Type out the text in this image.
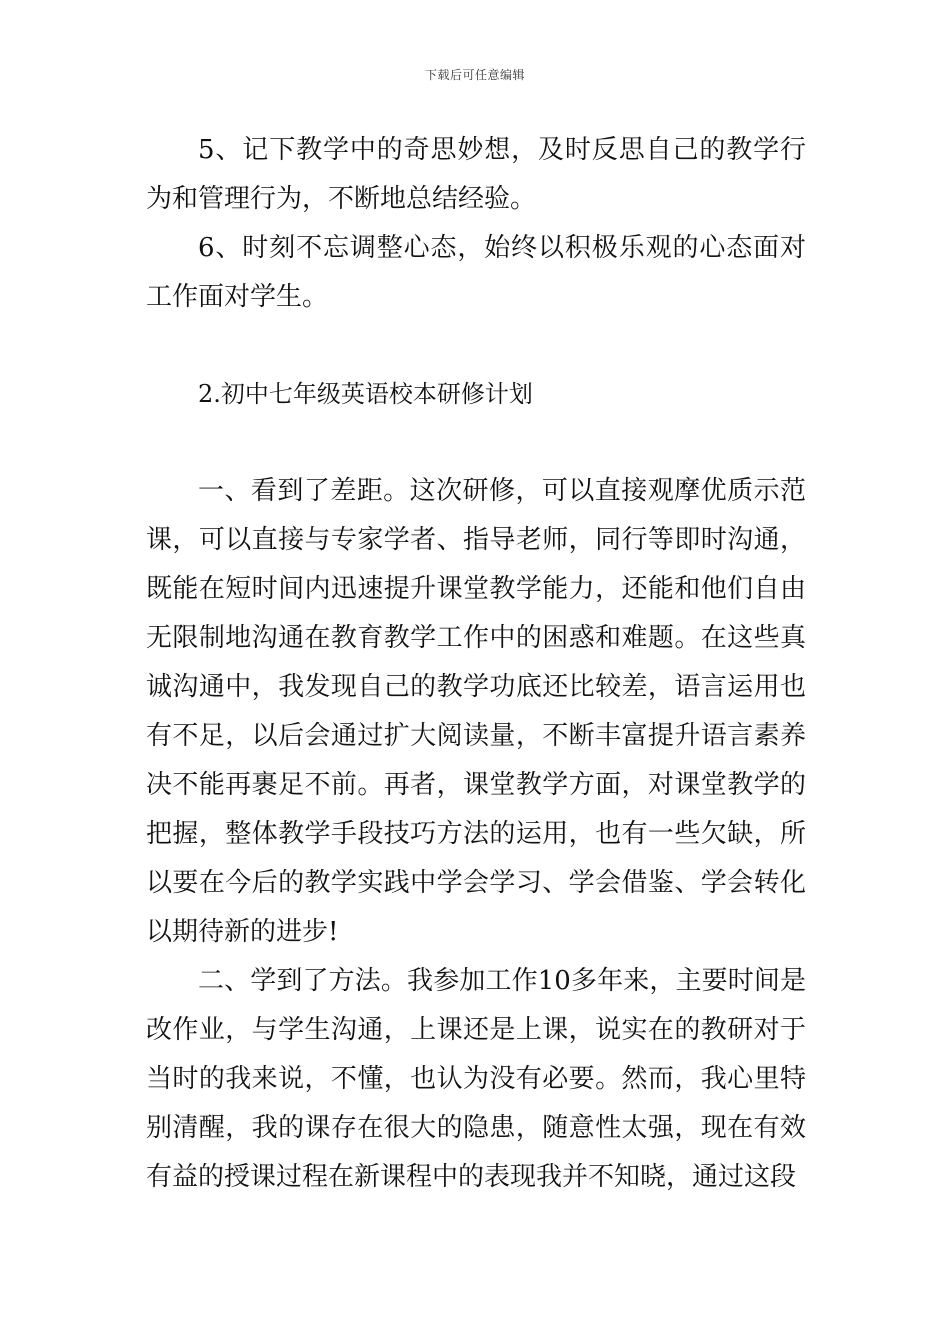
下载后可任意编辑

5、记下教学中的奇思妙想，及时反思自己的教学行为和管理行为，不断地总结经验。

6、时刻不忘调整心态，始终以积极乐观的心态面对工作面对学生。

2.初中七年级英语校本研修计划

一、看到了差距。这次研修，可以直接观摩优质示范课，可以直接与专家学者、指导老师，同行等即时沟通，既能在短时间内迅速提升课堂教学能力，还能和他们自由无限制地沟通在教育教学工作中的困惑和难题。在这些真诚沟通中，我发现自己的教学功底还比较差，语言运用也有不足，以后会通过扩大阅读量，不断丰富提升语言素养决不能再裹足不前。再者，课堂教学方面，对课堂教学的把握，整体教学手段技巧方法的运用，也有一些欠缺，所以要在今后的教学实践中学会学习、学会借鉴、学会转化以期待新的进步!

二、学到了方法。我参加工作10多年来，主要时间是改作业，与学生沟通，上课还是上课，说实在的教研对于当时的我来说，不懂，也认为没有必要。然而，我心里特别清醒，我的课存在很大的隐患，随意性太强，现在有效有益的授课过程在新课程中的表现我并不知晓，通过这段
